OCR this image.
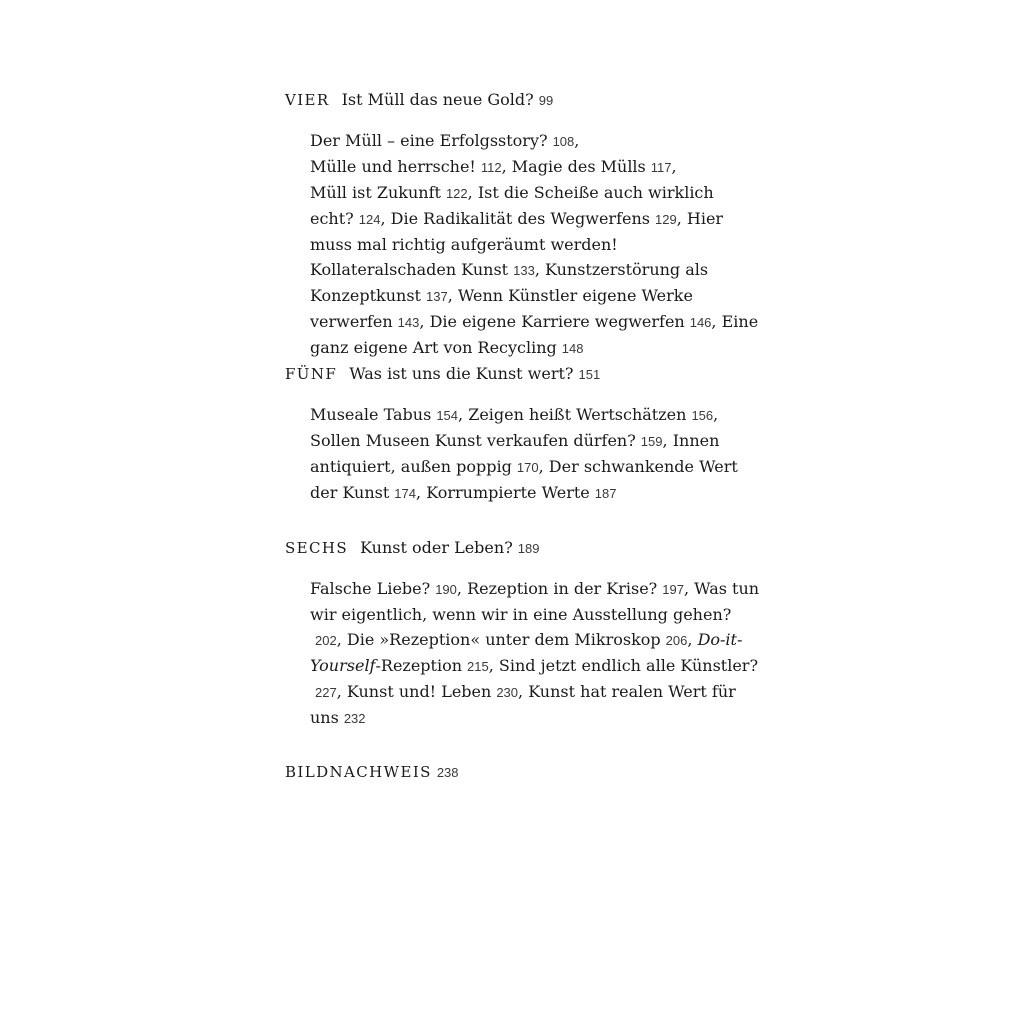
VIER Ist Müll das neue Gold? 99
Der Müll – eine Erfolgsstory? 108, Mülle und herrsche! 112, Magie des Mülls 117, Müll ist Zukunft 122, Ist die Scheiße auch wirklich echt? 124, Die Radikalität des Wegwerfens 129, Hier muss mal richtig aufgeräumt werden! Kollateralschaden Kunst 133, Kunstzerstörung als Konzeptkunst 137, Wenn Künstler eigene Werke verwerfen 143, Die eigene Karriere wegwerfen 146, Eine ganz eigene Art von Recycling 148
FÜNF Was ist uns die Kunst wert? 151
Museale Tabus 154, Zeigen heißt Wertschätzen 156, Sollen Museen Kunst verkaufen dürfen? 159, Innen antiquiert, außen poppig 170, Der schwankende Wert der Kunst 174, Korrumpierte Werte 187
SECHS Kunst oder Leben? 189
Falsche Liebe? 190, Rezeption in der Krise? 197, Was tun wir eigentlich, wenn wir in eine Ausstellung gehen?202, Die »Rezeption« unter dem Mikroskop 206, Do-it-Yourself-Rezeption 215, Sind jetzt endlich alle Künstler?227, Kunst und! Leben 230, Kunst hat realen Wert für uns 232
BILDNACHWEIS 238
